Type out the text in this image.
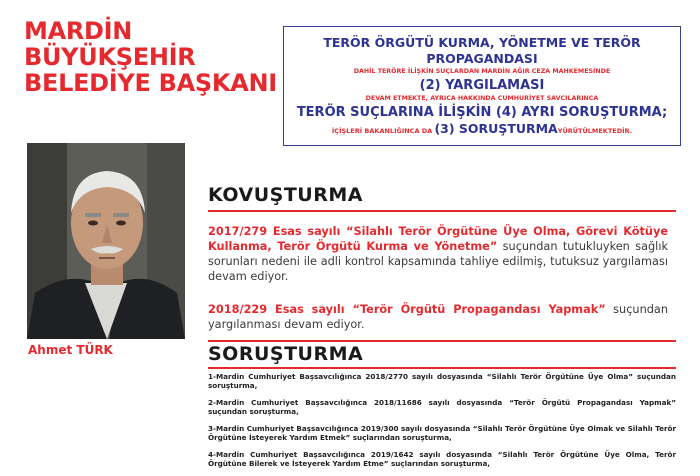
MARDİN
BÜYÜKŞEHİR
BELEDİYE BAŞKANI
TERÖR ÖRGÜTÜ KURMA, YÖNETME VE TERÖR
PROPAGANDASI
DAHİL TERÖRE İLİŞKİN SUÇLARDAN MARDİN AĞIR CEZA MAHKEMESİNDE
(2) YARGILAMASI
DEVAM ETMEKTE, AYRICA HAKKINDA CUMHURİYET SAVCILARINCA
TERÖR SUÇLARINA İLİŞKİN (4) AYRI SORUŞTURMA;
İÇİŞLERİ BAKANLIĞINCA DA (3) SORUŞTURMAYÜRÜTÜLMEKTEDİR.
Ahmet TÜRK
KOVUŞTURMA
2017/279 Esas sayılı “Silahlı Terör Örgütüne Üye Olma, Görevi Kötüye Kullanma, Terör Örgütü Kurma ve Yönetme” suçundan tutukluyken sağlık sorunları nedeni ile adli kontrol kapsamında tahliye edilmiş, tutuksuz yargılaması devam ediyor.
2018/229 Esas sayılı “Terör Örgütü Propagandası Yapmak” suçundan yargılanması devam ediyor.
SORUŞTURMA
1-Mardin Cumhuriyet Başsavcılığınca 2018/2770 sayılı dosyasında “Silahlı Terör Örgütüne Üye Olma” suçundan soruşturma,
2-Mardin Cumhuriyet Başsavcılığınca 2018/11686 sayılı dosyasında “Terör Örgütü Propagandası Yapmak” suçundan soruşturma,
3-Mardin Cumhuriyet Başsavcılığınca 2019/300 sayılı dosyasında “Silahlı Terör Örgütüne Üye Olmak ve Silahlı Terör Örgütüne İsteyerek Yardım Etmek” suçlarından soruşturma,
4-Mardin Cumhuriyet Başsavcılığınca 2019/1642 sayılı dosyasında “Silahlı Terör Örgütüne Üye Olma, Terör Örgütüne Bilerek ve İsteyerek Yardım Etme” suçlarından soruşturma,
